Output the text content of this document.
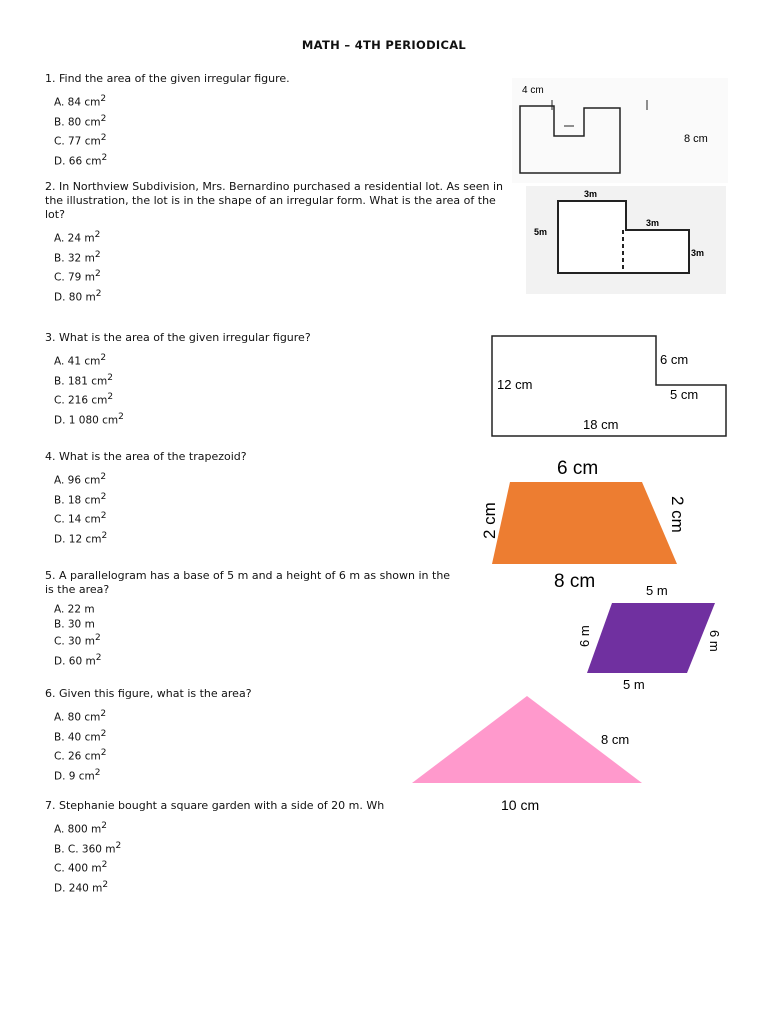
MATH – 4TH PERIODICAL

1. Find the area of the given irregular figure.

A. 84 $cm^2$
B. 80 $cm^2$
C. 77 $cm^2$
D. 66 $cm^2$
4 cm
8 cm

2. In Northview Subdivision, Mrs. Bernardino purchased a residential lot. As seen in the illustration, the lot is in the shape of an irregular form. What is the area of the lot?

A. 24 $m^2$
B. 32 $m^2$
C. 79 $m^2$
D. 80 $m^2$
3m
5m
3m
3m

3. What is the area of the given irregular figure?

A. 41 $cm^2$
B. 181 $cm^2$
C. 216 $cm^2$
D. 1 080 $cm^2$
6 cm
12 cm
5 cm
18 cm

4. What is the area of the trapezoid?

A. 96 $cm^2$
B. 18 $cm^2$
C. 14 $cm^2$
D. 12 $cm^2$
6 cm
2 cm	2 cm
8 cm

5. A parallelogram has a base of 5 m and a height of 6 m as shown in the

is the area?

A. 22 m
B. 30 m
C. 30 $m^2$
D. 60 $m^2$
5 m
6 m	6 m
5 m

6. Given this figure, what is the area?

A. 80 $cm^2$
B. 40 $cm^2$
C. 26 $cm^2$
D. 9 $cm^2$
8 cm
10 cm

7. Stephanie bought a square garden with a side of 20 m. Wh

A. 800 $m^2$
B. C. 360 $m^2$
C. 400 $m^2$
D. 240 $m^2$
